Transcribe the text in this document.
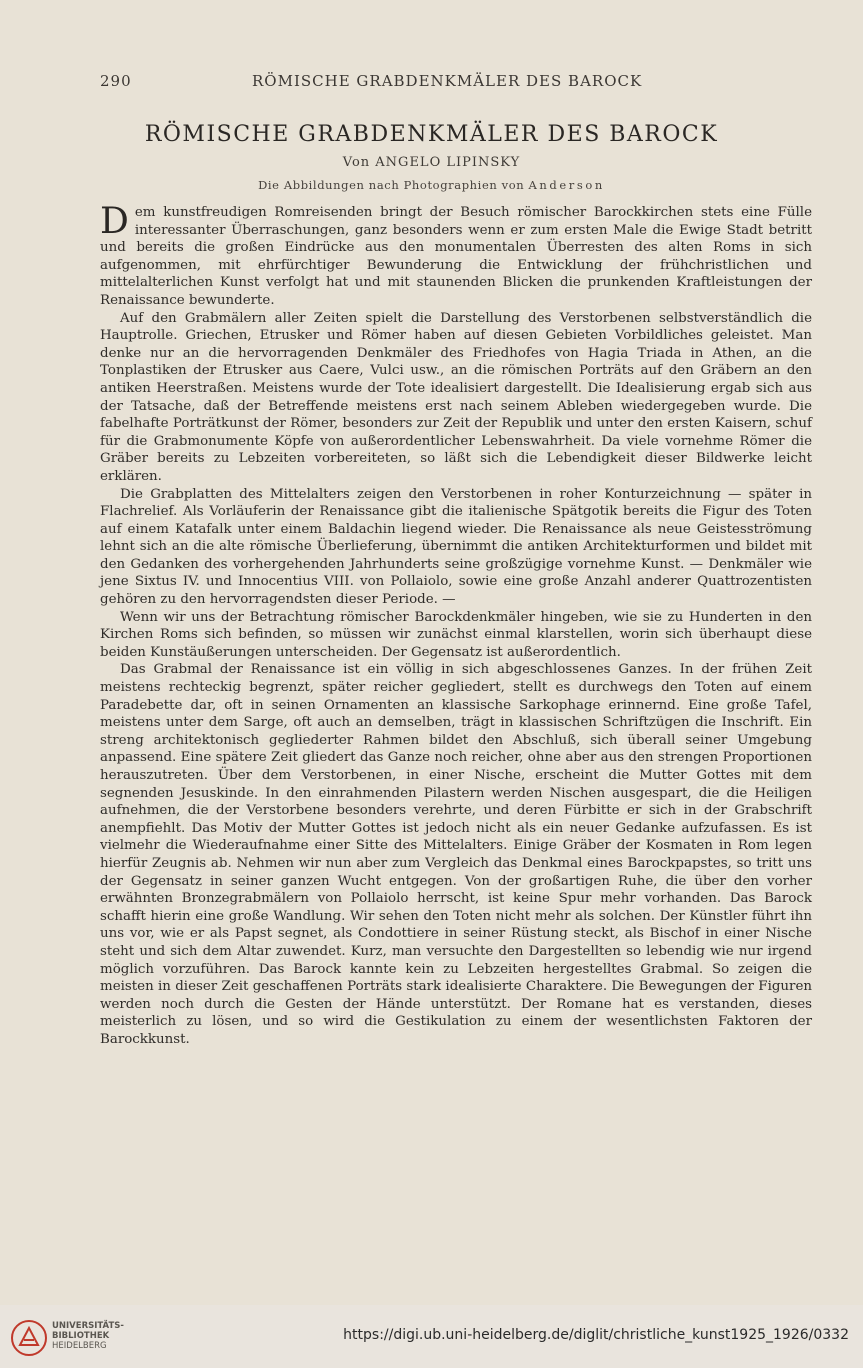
290	RÖMISCHE GRABDENKMÄLER DES BAROCK
RÖMISCHE GRABDENKMÄLER DES BAROCK
Von ANGELO LIPINSKY
Die Abbildungen nach Photographien von Anderson

Dem kunstfreudigen Romreisenden bringt der Besuch römischer Barockkirchen stets eine Fülle interessanter Überraschungen, ganz besonders wenn er zum ersten Male die Ewige Stadt betritt und bereits die großen Eindrücke aus den monumentalen Überresten des alten Roms in sich aufgenommen, mit ehrfürchtiger Bewunderung die Entwicklung der frühchristlichen und mittelalterlichen Kunst verfolgt hat und mit staunenden Blicken die prunkenden Kraftleistungen der Renaissance bewunderte.

Auf den Grabmälern aller Zeiten spielt die Darstellung des Verstorbenen selbstverständlich die Hauptrolle. Griechen, Etrusker und Römer haben auf diesen Gebieten Vorbildliches geleistet. Man denke nur an die hervorragenden Denkmäler des Friedhofes von Hagia Triada in Athen, an die Tonplastiken der Etrusker aus Caere, Vulci usw., an die römischen Porträts auf den Gräbern an den antiken Heerstraßen. Meistens wurde der Tote idealisiert dargestellt. Die Idealisierung ergab sich aus der Tatsache, daß der Betreffende meistens erst nach seinem Ableben wiedergegeben wurde. Die fabelhafte Porträtkunst der Römer, besonders zur Zeit der Republik und unter den ersten Kaisern, schuf für die Grabmonumente Köpfe von außerordentlicher Lebenswahrheit. Da viele vornehme Römer die Gräber bereits zu Lebzeiten vorbereiteten, so läßt sich die Lebendigkeit dieser Bildwerke leicht erklären.

Die Grabplatten des Mittelalters zeigen den Verstorbenen in roher Konturzeichnung — später in Flachrelief. Als Vorläuferin der Renaissance gibt die italienische Spätgotik bereits die Figur des Toten auf einem Katafalk unter einem Baldachin liegend wieder. Die Renaissance als neue Geistesströmung lehnt sich an die alte römische Überlieferung, übernimmt die antiken Architekturformen und bildet mit den Gedanken des vorhergehenden Jahrhunderts seine großzügige vornehme Kunst. — Denkmäler wie jene Sixtus IV. und Innocentius VIII. von Pollaiolo, sowie eine große Anzahl anderer Quattrozentisten gehören zu den hervorragendsten dieser Periode. —

Wenn wir uns der Betrachtung römischer Barockdenkmäler hingeben, wie sie zu Hunderten in den Kirchen Roms sich befinden, so müssen wir zunächst einmal klarstellen, worin sich überhaupt diese beiden Kunstäußerungen unterscheiden. Der Gegensatz ist außerordentlich.

Das Grabmal der Renaissance ist ein völlig in sich abgeschlossenes Ganzes. In der frühen Zeit meistens rechteckig begrenzt, später reicher gegliedert, stellt es durchwegs den Toten auf einem Paradebette dar, oft in seinen Ornamenten an klassische Sarkophage erinnernd. Eine große Tafel, meistens unter dem Sarge, oft auch an demselben, trägt in klassischen Schriftzügen die Inschrift. Ein streng architektonisch gegliederter Rahmen bildet den Abschluß, sich überall seiner Umgebung anpassend. Eine spätere Zeit gliedert das Ganze noch reicher, ohne aber aus den strengen Proportionen herauszutreten. Über dem Verstorbenen, in einer Nische, erscheint die Mutter Gottes mit dem segnenden Jesuskinde. In den einrahmenden Pilastern werden Nischen ausgespart, die die Heiligen aufnehmen, die der Verstorbene besonders verehrte, und deren Fürbitte er sich in der Grabschrift anempfiehlt. Das Motiv der Mutter Gottes ist jedoch nicht als ein neuer Gedanke aufzufassen. Es ist vielmehr die Wiederaufnahme einer Sitte des Mittelalters. Einige Gräber der Kosmaten in Rom legen hierfür Zeugnis ab. Nehmen wir nun aber zum Vergleich das Denkmal eines Barockpapstes, so tritt uns der Gegensatz in seiner ganzen Wucht entgegen. Von der großartigen Ruhe, die über den vorher erwähnten Bronzegrabmälern von Pollaiolo herrscht, ist keine Spur mehr vorhanden. Das Barock schafft hierin eine große Wandlung. Wir sehen den Toten nicht mehr als solchen. Der Künstler führt ihn uns vor, wie er als Papst segnet, als Condottiere in seiner Rüstung steckt, als Bischof in einer Nische steht und sich dem Altar zuwendet. Kurz, man versuchte den Dargestellten so lebendig wie nur irgend möglich vorzuführen. Das Barock kannte kein zu Lebzeiten hergestelltes Grabmal. So zeigen die meisten in dieser Zeit geschaffenen Porträts stark idealisierte Charaktere. Die Bewegungen der Figuren werden noch durch die Gesten der Hände unterstützt. Der Romane hat es verstanden, dieses meisterlich zu lösen, und so wird die Gestikulation zu einem der wesentlichsten Faktoren der Barockkunst.

UNIVERSITÄTS-
BIBLIOTHEK
HEIDELBERG
https://digi.ub.uni-heidelberg.de/diglit/christliche_kunst1925_1926/0332
